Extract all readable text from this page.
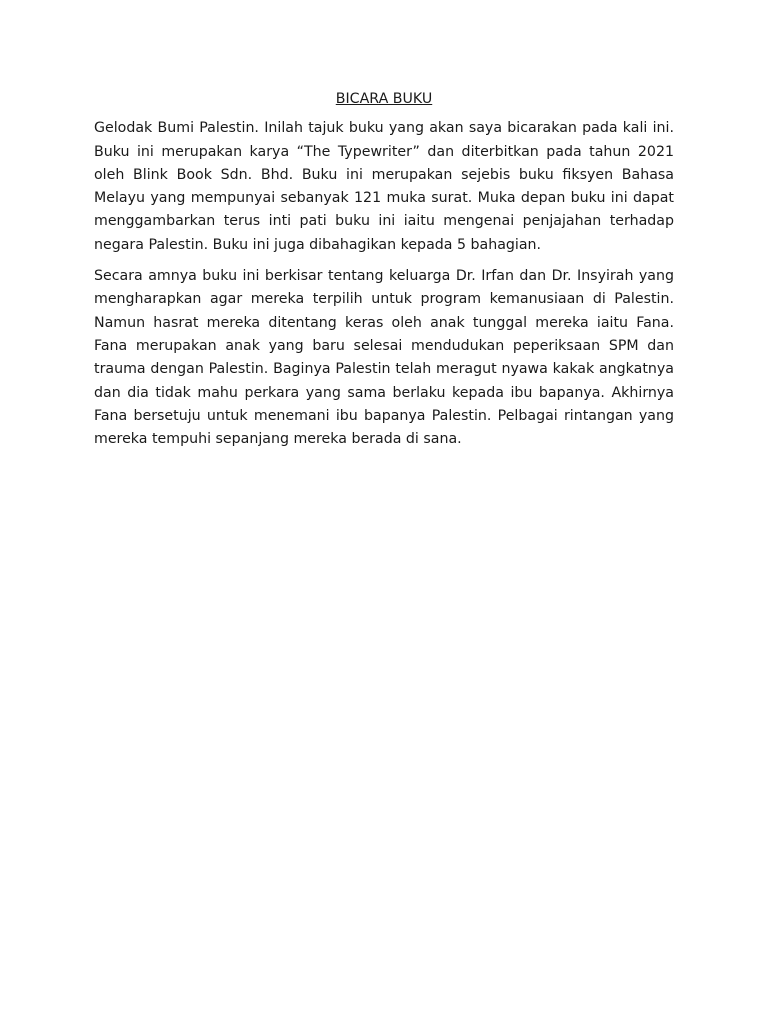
BICARA BUKU

Gelodak Bumi Palestin. Inilah tajuk buku yang akan saya bicarakan pada kali ini. Buku ini merupakan karya “The Typewriter” dan diterbitkan pada tahun 2021 oleh Blink Book Sdn. Bhd. Buku ini merupakan sejebis buku fiksyen Bahasa Melayu yang mempunyai sebanyak 121 muka surat. Muka depan buku ini dapat menggambarkan terus inti pati buku ini iaitu mengenai penjajahan terhadap negara Palestin. Buku ini juga dibahagikan kepada 5 bahagian.

Secara amnya buku ini berkisar tentang keluarga Dr. Irfan dan Dr. Insyirah yang mengharapkan agar mereka terpilih untuk program kemanusiaan di Palestin. Namun hasrat mereka ditentang keras oleh anak tunggal mereka iaitu Fana. Fana merupakan anak yang baru selesai mendudukan peperiksaan SPM dan trauma dengan Palestin. Baginya Palestin telah meragut nyawa kakak angkatnya dan dia tidak mahu perkara yang sama berlaku kepada ibu bapanya. Akhirnya Fana bersetuju untuk menemani ibu bapanya Palestin. Pelbagai rintangan yang mereka tempuhi sepanjang mereka berada di sana.
